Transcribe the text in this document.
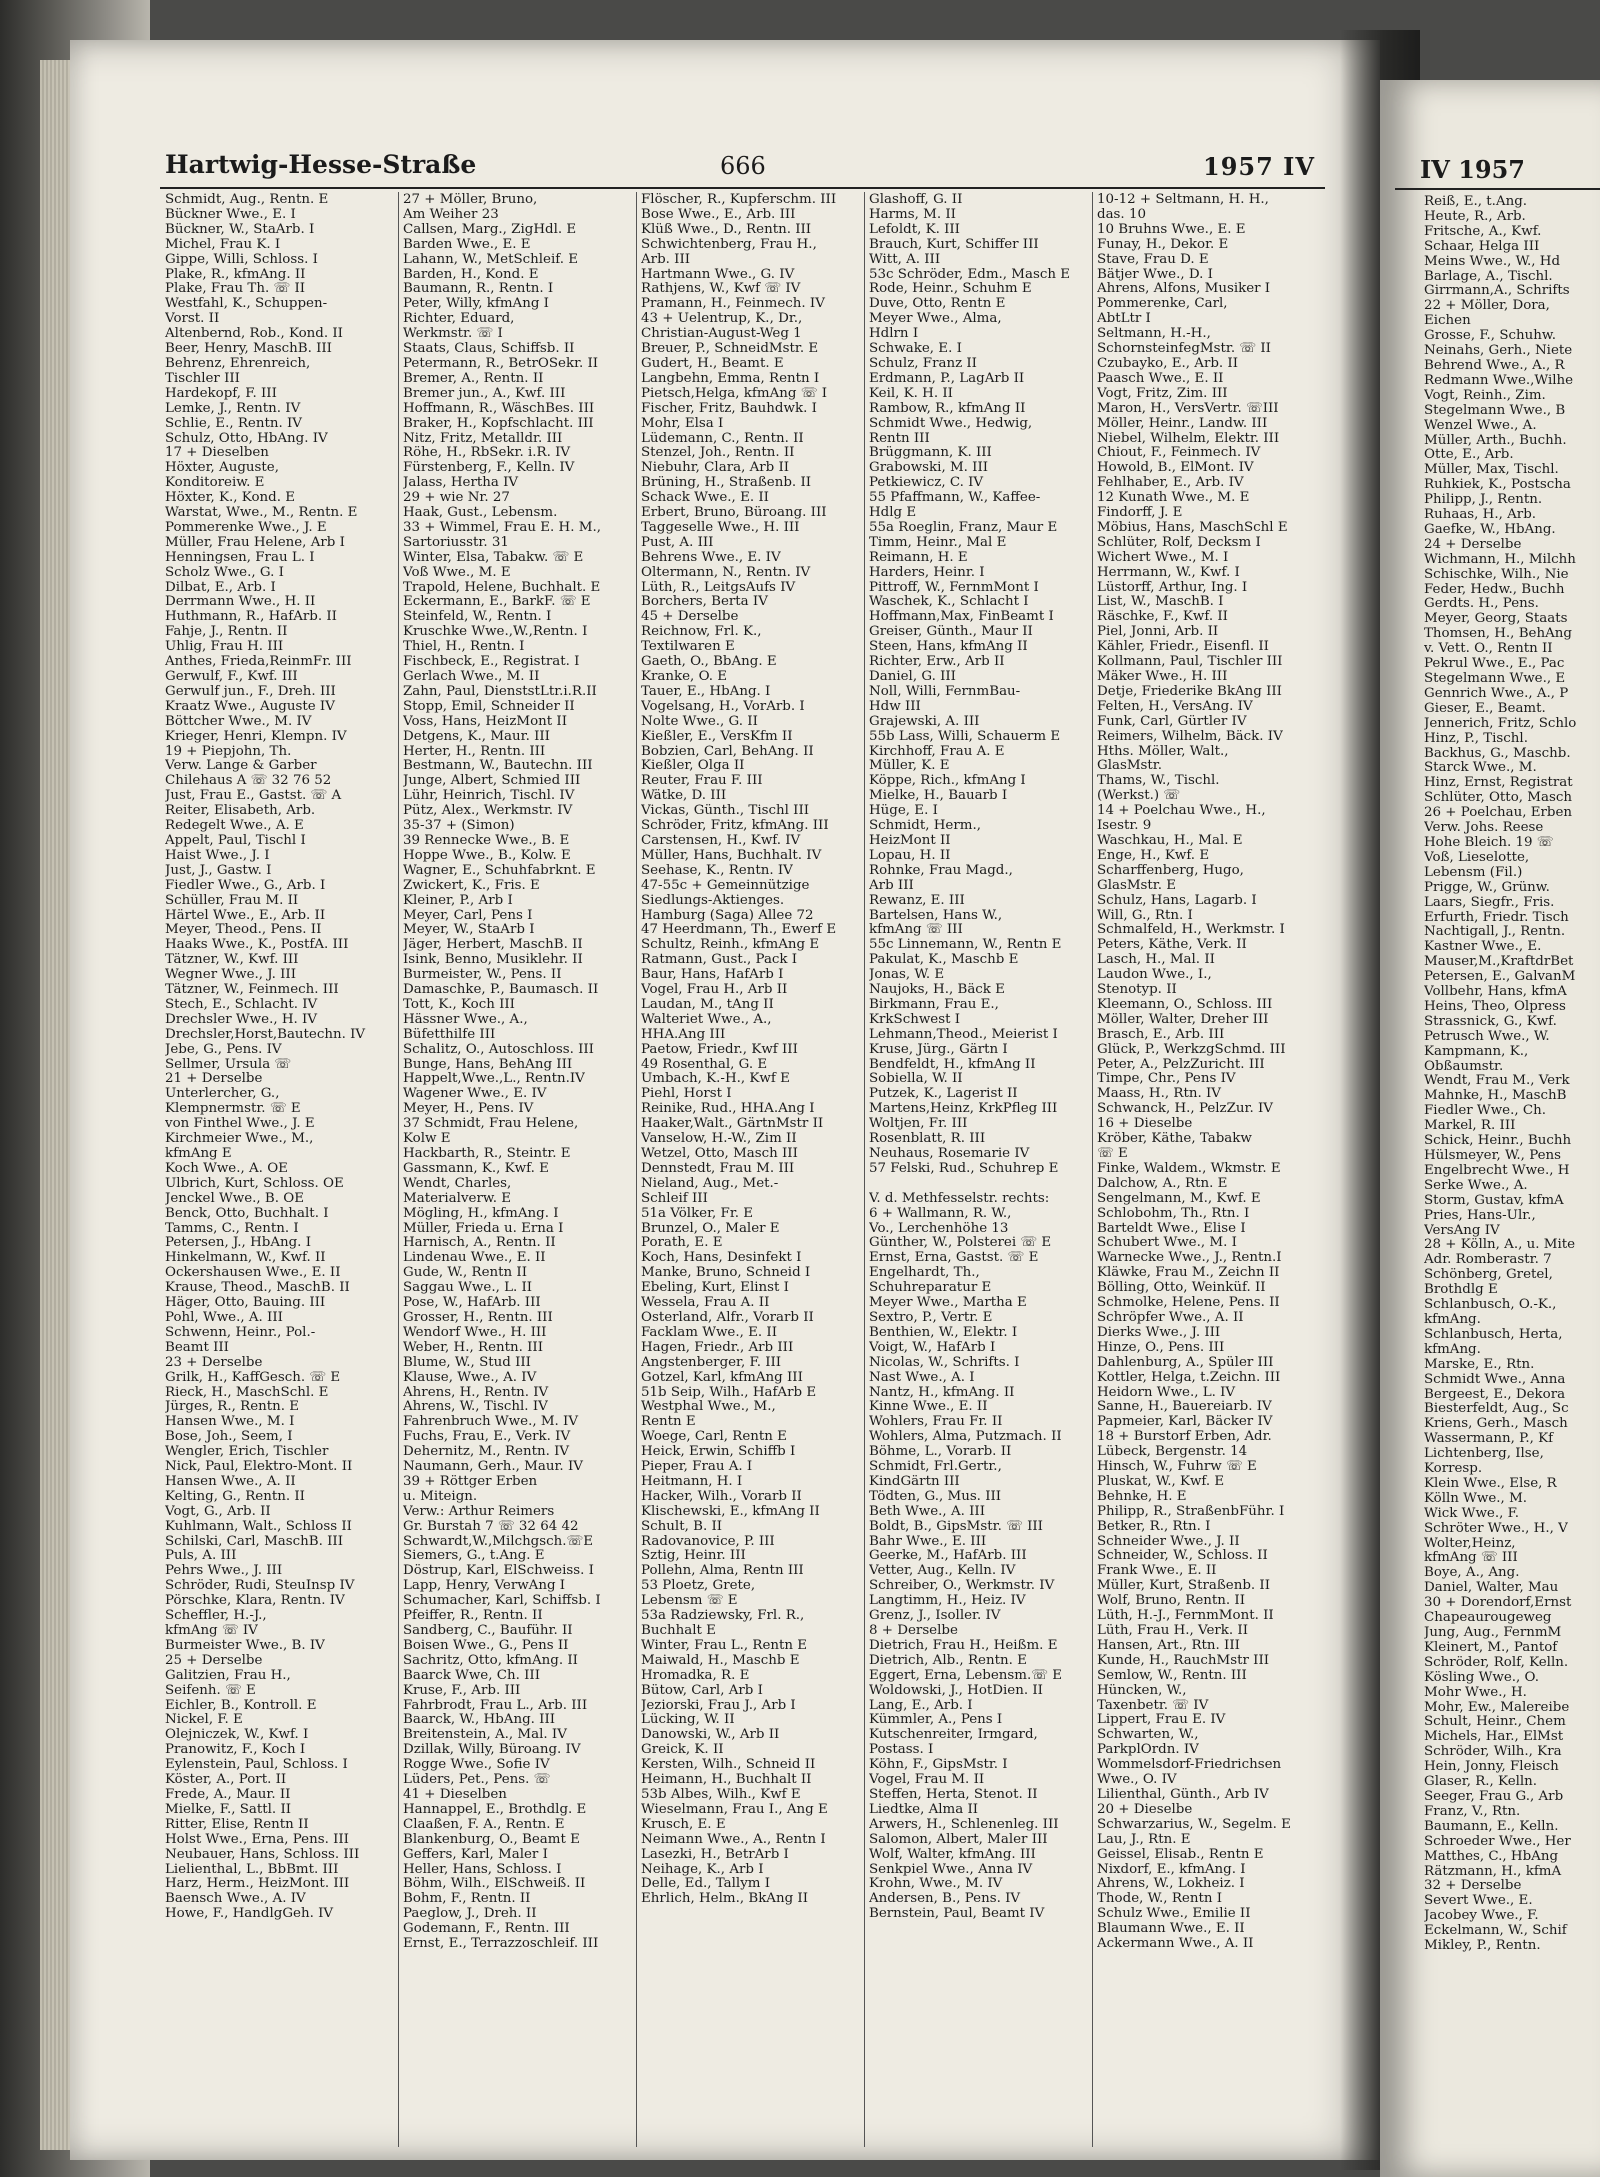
Hartwig-Hesse-Straße	666	1957 IV
Schmidt, Aug., Rentn. E
Bückner Wwe., E. I
Bückner, W., StaArb. I
Michel, Frau K. I
Gippe, Willi, Schloss. I
Plake, R., kfmAng. II
Plake, Frau Th. ☏ II
Westfahl, K., Schuppen-
Vorst. II
Altenbernd, Rob., Kond. II
Beer, Henry, MaschB. III
Behrenz, Ehrenreich,
Tischler III
Hardekopf, F. III
Lemke, J., Rentn. IV
Schlie, E., Rentn. IV
Schulz, Otto, HbAng. IV
17 + Dieselben
Höxter, Auguste,
Konditoreiw. E
Höxter, K., Kond. E
Warstat, Wwe., M., Rentn. E
Pommerenke Wwe., J. E
Müller, Frau Helene, Arb I
Henningsen, Frau L. I
Scholz Wwe., G. I
Dilbat, E., Arb. I
Derrmann Wwe., H. II
Huthmann, R., HafArb. II
Fahje, J., Rentn. II
Uhlig, Frau H. III
Anthes, Frieda,ReinmFr. III
Gerwulf, F., Kwf. III
Gerwulf jun., F., Dreh. III
Kraatz Wwe., Auguste IV
Böttcher Wwe., M. IV
Krieger, Henri, Klempn. IV
19 + Piepjohn, Th.
Verw. Lange & Garber
Chilehaus A ☏ 32 76 52
Just, Frau E., Gastst. ☏ A
Reiter, Elisabeth, Arb.
Redegelt Wwe., A. E
Appelt, Paul, Tischl I
Haist Wwe., J. I
Just, J., Gastw. I
Fiedler Wwe., G., Arb. I
Schüller, Frau M. II
Härtel Wwe., E., Arb. II
Meyer, Theod., Pens. II
Haaks Wwe., K., PostfA. III
Tätzner, W., Kwf. III
Wegner Wwe., J. III
Tätzner, W., Feinmech. III
Stech, E., Schlacht. IV
Drechsler Wwe., H. IV
Drechsler,Horst,Bautechn. IV
Jebe, G., Pens. IV
Sellmer, Ursula ☏
21 + Derselbe
Unterlercher, G.,
Klempnermstr. ☏ E
von Finthel Wwe., J. E
Kirchmeier Wwe., M.,
kfmAng E
Koch Wwe., A. OE
Ulbrich, Kurt, Schloss. OE
Jenckel Wwe., B. OE
Benck, Otto, Buchhalt. I
Tamms, C., Rentn. I
Petersen, J., HbAng. I
Hinkelmann, W., Kwf. II
Ockershausen Wwe., E. II
Krause, Theod., MaschB. II
Häger, Otto, Bauing. III
Pohl, Wwe., A. III
Schwenn, Heinr., Pol.-
Beamt III
23 + Derselbe
Grilk, H., KaffGesch. ☏ E
Rieck, H., MaschSchl. E
Jürges, R., Rentn. E
Hansen Wwe., M. I
Bose, Joh., Seem, I
Wengler, Erich, Tischler
Nick, Paul, Elektro-Mont. II
Hansen Wwe., A. II
Kelting, G., Rentn. II
Vogt, G., Arb. II
Kuhlmann, Walt., Schloss II
Schilski, Carl, MaschB. III
Puls, A. III
Pehrs Wwe., J. III
Schröder, Rudi, SteuInsp IV
Pörschke, Klara, Rentn. IV
Scheffler, H.-J.,
kfmAng ☏ IV
Burmeister Wwe., B. IV
25 + Derselbe
Galitzien, Frau H.,
Seifenh. ☏ E
Eichler, B., Kontroll. E
Nickel, F. E
Olejniczek, W., Kwf. I
Pranowitz, F., Koch I
Eylenstein, Paul, Schloss. I
Köster, A., Port. II
Frede, A., Maur. II
Mielke, F., Sattl. II
Ritter, Elise, Rentn II
Holst Wwe., Erna, Pens. III
Neubauer, Hans, Schloss. III
Lielienthal, L., BbBmt. III
Harz, Herm., HeizMont. III
Baensch Wwe., A. IV
Howe, F., HandlgGeh. IV
27 + Möller, Bruno,
Am Weiher 23
Callsen, Marg., ZigHdl. E
Barden Wwe., E. E
Lahann, W., MetSchleif. E
Barden, H., Kond. E
Baumann, R., Rentn. I
Peter, Willy, kfmAng I
Richter, Eduard,
Werkmstr. ☏ I
Staats, Claus, Schiffsb. II
Petermann, R., BetrOSekr. II
Bremer, A., Rentn. II
Bremer jun., A., Kwf. III
Hoffmann, R., WäschBes. III
Braker, H., Kopfschlacht. III
Nitz, Fritz, Metalldr. III
Röhe, H., RbSekr. i.R. IV
Fürstenberg, F., Kelln. IV
Jalass, Hertha IV
29 + wie Nr. 27
Haak, Gust., Lebensm.
33 + Wimmel, Frau E. H. M.,
Sartoriusstr. 31
Winter, Elsa, Tabakw. ☏ E
Voß Wwe., M. E
Trapold, Helene, Buchhalt. E
Eckermann, E., BarkF. ☏ E
Steinfeld, W., Rentn. I
Kruschke Wwe.,W.,Rentn. I
Thiel, H., Rentn. I
Fischbeck, E., Registrat. I
Gerlach Wwe., M. II
Zahn, Paul, DienststLtr.i.R.II
Stopp, Emil, Schneider II
Voss, Hans, HeizMont II
Detgens, K., Maur. III
Herter, H., Rentn. III
Bestmann, W., Bautechn. III
Junge, Albert, Schmied III
Lühr, Heinrich, Tischl. IV
Pütz, Alex., Werkmstr. IV
35-37 + (Simon)
39 Rennecke Wwe., B. E
Hoppe Wwe., B., Kolw. E
Wagner, E., Schuhfabrknt. E
Zwickert, K., Fris. E
Kleiner, P., Arb I
Meyer, Carl, Pens I
Meyer, W., StaArb I
Jäger, Herbert, MaschB. II
Isink, Benno, Musiklehr. II
Burmeister, W., Pens. II
Damaschke, P., Baumasch. II
Tott, K., Koch III
Hässner Wwe., A.,
Büfetthilfe III
Schalitz, O., Autoschloss. III
Bunge, Hans, BehAng III
Happelt,Wwe.,L., Rentn.IV
Wagener Wwe., E. IV
Meyer, H., Pens. IV
37 Schmidt, Frau Helene,
Kolw E
Hackbarth, R., Steintr. E
Gassmann, K., Kwf. E
Wendt, Charles,
Materialverw. E
Mögling, H., kfmAng. I
Müller, Frieda u. Erna I
Harnisch, A., Rentn. II
Lindenau Wwe., E. II
Gude, W., Rentn II
Saggau Wwe., L. II
Pose, W., HafArb. III
Grosser, H., Rentn. III
Wendorf Wwe., H. III
Weber, H., Rentn. III
Blume, W., Stud III
Klause, Wwe., A. IV
Ahrens, H., Rentn. IV
Ahrens, W., Tischl. IV
Fahrenbruch Wwe., M. IV
Fuchs, Frau, E., Verk. IV
Dehernitz, M., Rentn. IV
Naumann, Gerh., Maur. IV
39 + Röttger Erben
u. Miteign.
Verw.: Arthur Reimers
Gr. Burstah 7 ☏ 32 64 42
Schwardt,W.,Milchgsch.☏E
Siemers, G., t.Ang. E
Döstrup, Karl, ElSchweiss. I
Lapp, Henry, VerwAng I
Schumacher, Karl, Schiffsb. I
Pfeiffer, R., Rentn. II
Sandberg, C., Bauführ. II
Boisen Wwe., G., Pens II
Sachritz, Otto, kfmAng. II
Baarck Wwe, Ch. III
Kruse, F., Arb. III
Fahrbrodt, Frau L., Arb. III
Baarck, W., HbAng. III
Breitenstein, A., Mal. IV
Dzillak, Willy, Büroang. IV
Rogge Wwe., Sofie IV
Lüders, Pet., Pens. ☏
41 + Dieselben
Hannappel, E., Brothdlg. E
Claaßen, F. A., Rentn. E
Blankenburg, O., Beamt E
Geffers, Karl, Maler I
Heller, Hans, Schloss. I
Böhm, Wilh., ElSchweiß. II
Bohm, F., Rentn. II
Paeglow, J., Dreh. II
Godemann, F., Rentn. III
Ernst, E., Terrazzoschleif. III
Flöscher, R., Kupferschm. III
Bose Wwe., E., Arb. III
Klüß Wwe., D., Rentn. III
Schwichtenberg, Frau H.,
Arb. III
Hartmann Wwe., G. IV
Rathjens, W., Kwf ☏ IV
Pramann, H., Feinmech. IV
43 + Uelentrup, K., Dr.,
Christian-August-Weg 1
Breuer, P., SchneidMstr. E
Gudert, H., Beamt. E
Langbehn, Emma, Rentn I
Pietsch,Helga, kfmAng ☏ I
Fischer, Fritz, Bauhdwk. I
Mohr, Elsa I
Lüdemann, C., Rentn. II
Stenzel, Joh., Rentn. II
Niebuhr, Clara, Arb II
Brüning, H., Straßenb. II
Schack Wwe., E. II
Erbert, Bruno, Büroang. III
Taggeselle Wwe., H. III
Pust, A. III
Behrens Wwe., E. IV
Oltermann, N., Rentn. IV
Lüth, R., LeitgsAufs IV
Borchers, Berta IV
45 + Derselbe
Reichnow, Frl. K.,
Textilwaren E
Gaeth, O., BbAng. E
Kranke, O. E
Tauer, E., HbAng. I
Vogelsang, H., VorArb. I
Nolte Wwe., G. II
Kießler, E., VersKfm II
Bobzien, Carl, BehAng. II
Kießler, Olga II
Reuter, Frau F. III
Wätke, D. III
Vickas, Günth., Tischl III
Schröder, Fritz, kfmAng. III
Carstensen, H., Kwf. IV
Müller, Hans, Buchhalt. IV
Seehase, K., Rentn. IV
47-55c + Gemeinnützige
Siedlungs-Aktienges.
Hamburg (Saga) Allee 72
47 Heerdmann, Th., Ewerf E
Schultz, Reinh., kfmAng E
Ratmann, Gust., Pack I
Baur, Hans, HafArb I
Vogel, Frau H., Arb II
Laudan, M., tAng II
Walteriet Wwe., A.,
HHA.Ang III
Paetow, Friedr., Kwf III
49 Rosenthal, G. E
Umbach, K.-H., Kwf E
Piehl, Horst I
Reinike, Rud., HHA.Ang I
Haaker,Walt., GärtnMstr II
Vanselow, H.-W., Zim II
Wetzel, Otto, Masch III
Dennstedt, Frau M. III
Nieland, Aug., Met.-
Schleif III
51a Völker, Fr. E
Brunzel, O., Maler E
Porath, E. E
Koch, Hans, Desinfekt I
Manke, Bruno, Schneid I
Ebeling, Kurt, Elinst I
Wessela, Frau A. II
Osterland, Alfr., Vorarb II
Facklam Wwe., E. II
Hagen, Friedr., Arb III
Angstenberger, F. III
Gotzel, Karl, kfmAng III
51b Seip, Wilh., HafArb E
Westphal Wwe., M.,
Rentn E
Woege, Carl, Rentn E
Heick, Erwin, Schiffb I
Pieper, Frau A. I
Heitmann, H. I
Hacker, Wilh., Vorarb II
Klischewski, E., kfmAng II
Schult, B. II
Radovanovice, P. III
Sztig, Heinr. III
Pollehn, Alma, Rentn III
53 Ploetz, Grete,
Lebensm ☏ E
53a Radziewsky, Frl. R.,
Buchhalt E
Winter, Frau L., Rentn E
Maiwald, H., Maschb E
Hromadka, R. E
Bütow, Carl, Arb I
Jeziorski, Frau J., Arb I
Lücking, W. II
Danowski, W., Arb II
Greick, K. II
Kersten, Wilh., Schneid II
Heimann, H., Buchhalt II
53b Albes, Wilh., Kwf E
Wieselmann, Frau I., Ang E
Krusch, E. E
Neimann Wwe., A., Rentn I
Lasezki, H., BetrArb I
Neihage, K., Arb I
Delle, Ed., Tallym I
Ehrlich, Helm., BkAng II
Glashoff, G. II
Harms, M. II
Lefoldt, K. III
Brauch, Kurt, Schiffer III
Witt, A. III
53c Schröder, Edm., Masch E
Rode, Heinr., Schuhm E
Duve, Otto, Rentn E
Meyer Wwe., Alma,
Hdlrn I
Schwake, E. I
Schulz, Franz II
Erdmann, P., LagArb II
Keil, K. H. II
Rambow, R., kfmAng II
Schmidt Wwe., Hedwig,
Rentn III
Brüggmann, K. III
Grabowski, M. III
Petkiewicz, C. IV
55 Pfaffmann, W., Kaffee-
Hdlg E
55a Roeglin, Franz, Maur E
Timm, Heinr., Mal E
Reimann, H. E
Harders, Heinr. I
Pittroff, W., FernmMont I
Waschek, K., Schlacht I
Hoffmann,Max, FinBeamt I
Greiser, Günth., Maur II
Steen, Hans, kfmAng II
Richter, Erw., Arb II
Daniel, G. III
Noll, Willi, FernmBau-
Hdw III
Grajewski, A. III
55b Lass, Willi, Schauerm E
Kirchhoff, Frau A. E
Müller, K. E
Köppe, Rich., kfmAng I
Mielke, H., Bauarb I
Hüge, E. I
Schmidt, Herm.,
HeizMont II
Lopau, H. II
Rohnke, Frau Magd.,
Arb III
Rewanz, E. III
Bartelsen, Hans W.,
kfmAng ☏ III
55c Linnemann, W., Rentn E
Pakulat, K., Maschb E
Jonas, W. E
Naujoks, H., Bäck E
Birkmann, Frau E.,
KrkSchwest I
Lehmann,Theod., Meierist I
Kruse, Jürg., Gärtn I
Bendfeldt, H., kfmAng II
Sobiella, W. II
Putzek, K., Lagerist II
Martens,Heinz, KrkPfleg III
Woltjen, Fr. III
Rosenblatt, R. III
Neuhaus, Rosemarie IV
57 Felski, Rud., Schuhrep E

V. d. Methfesselstr. rechts:
6 + Wallmann, R. W.,
Vo., Lerchenhöhe 13
Günther, W., Polsterei ☏ E
Ernst, Erna, Gastst. ☏ E
Engelhardt, Th.,
Schuhreparatur E
Meyer Wwe., Martha E
Sextro, P., Vertr. E
Benthien, W., Elektr. I
Voigt, W., HafArb I
Nicolas, W., Schrifts. I
Nast Wwe., A. I
Nantz, H., kfmAng. II
Kinne Wwe., E. II
Wohlers, Frau Fr. II
Wohlers, Alma, Putzmach. II
Böhme, L., Vorarb. II
Schmidt, Frl.Gertr.,
KindGärtn III
Tödten, G., Mus. III
Beth Wwe., A. III
Boldt, B., GipsMstr. ☏ III
Bahr Wwe., E. III
Geerke, M., HafArb. III
Vetter, Aug., Kelln. IV
Schreiber, O., Werkmstr. IV
Langtimm, H., Heiz. IV
Grenz, J., Isoller. IV
8 + Derselbe
Dietrich, Frau H., Heißm. E
Dietrich, Alb., Rentn. E
Eggert, Erna, Lebensm.☏ E
Woldowski, J., HotDien. II
Lang, E., Arb. I
Kümmler, A., Pens I
Kutschenreiter, Irmgard,
Postass. I
Köhn, F., GipsMstr. I
Vogel, Frau M. II
Steffen, Herta, Stenot. II
Liedtke, Alma II
Arwers, H., Schlenenleg. III
Salomon, Albert, Maler III
Wolf, Walter, kfmAng. III
Senkpiel Wwe., Anna IV
Krohn, Wwe., M. IV
Andersen, B., Pens. IV
Bernstein, Paul, Beamt IV
10-12 + Seltmann, H. H.,
das. 10
10 Bruhns Wwe., E. E
Funay, H., Dekor. E
Stave, Frau D. E
Bätjer Wwe., D. I
Ahrens, Alfons, Musiker I
Pommerenke, Carl,
AbtLtr I
Seltmann, H.-H.,
SchornsteinfegMstr. ☏ II
Czubayko, E., Arb. II
Paasch Wwe., E. II
Vogt, Fritz, Zim. III
Maron, H., VersVertr. ☏III
Möller, Heinr., Landw. III
Niebel, Wilhelm, Elektr. III
Chiout, F., Feinmech. IV
Howold, B., ElMont. IV
Fehlhaber, E., Arb. IV
12 Kunath Wwe., M. E
Findorff, J. E
Möbius, Hans, MaschSchl E
Schlüter, Rolf, Decksm I
Wichert Wwe., M. I
Herrmann, W., Kwf. I
Lüstorff, Arthur, Ing. I
List, W., MaschB. I
Räschke, F., Kwf. II
Piel, Jonni, Arb. II
Kähler, Friedr., Eisenfl. II
Kollmann, Paul, Tischler III
Mäker Wwe., H. III
Detje, Friederike BkAng III
Felten, H., VersAng. IV
Funk, Carl, Gürtler IV
Reimers, Wilhelm, Bäck. IV
Hths. Möller, Walt.,
GlasMstr.
Thams, W., Tischl.
(Werkst.) ☏
14 + Poelchau Wwe., H.,
Isestr. 9
Waschkau, H., Mal. E
Enge, H., Kwf. E
Scharffenberg, Hugo,
GlasMstr. E
Schulz, Hans, Lagarb. I
Will, G., Rtn. I
Schmalfeld, H., Werkmstr. I
Peters, Käthe, Verk. II
Lasch, H., Mal. II
Laudon Wwe., I.,
Stenotyp. II
Kleemann, O., Schloss. III
Möller, Walter, Dreher III
Brasch, E., Arb. III
Glück, P., WerkzgSchmd. III
Peter, A., PelzZuricht. III
Timpe, Chr., Pens IV
Maass, H., Rtn. IV
Schwanck, H., PelzZur. IV
16 + Dieselbe
Kröber, Käthe, Tabakw
☏ E
Finke, Waldem., Wkmstr. E
Dalchow, A., Rtn. E
Sengelmann, M., Kwf. E
Schlobohm, Th., Rtn. I
Barteldt Wwe., Elise I
Schubert Wwe., M. I
Warnecke Wwe., J., Rentn.I
Kläwke, Frau M., Zeichn II
Bölling, Otto, Weinküf. II
Schmolke, Helene, Pens. II
Schröpfer Wwe., A. II
Dierks Wwe., J. III
Hinze, O., Pens. III
Dahlenburg, A., Spüler III
Kottler, Helga, t.Zeichn. III
Heidorn Wwe., L. IV
Sanne, H., Bauereiarb. IV
Papmeier, Karl, Bäcker IV
18 + Burstorf Erben, Adr.
Lübeck, Bergenstr. 14
Hinsch, W., Fuhrw ☏ E
Pluskat, W., Kwf. E
Behnke, H. E
Philipp, R., StraßenbFühr. I
Betker, R., Rtn. I
Schneider Wwe., J. II
Schneider, W., Schloss. II
Frank Wwe., E. II
Müller, Kurt, Straßenb. II
Wolf, Bruno, Rentn. II
Lüth, H.-J., FernmMont. II
Lüth, Frau H., Verk. II
Hansen, Art., Rtn. III
Kunde, H., RauchMstr III
Semlow, W., Rentn. III
Hüncken, W.,
Taxenbetr. ☏ IV
Lippert, Frau E. IV
Schwarten, W.,
ParkplOrdn. IV
Wommelsdorf-Friedrichsen
Wwe., O. IV
Lilienthal, Günth., Arb IV
20 + Dieselbe
Schwarzarius, W., Segelm. E
Lau, J., Rtn. E
Geissel, Elisab., Rentn E
Nixdorf, E., kfmAng. I
Ahrens, W., Lokheiz. I
Thode, W., Rentn I
Schulz Wwe., Emilie II
Blaumann Wwe., E. II
Ackermann Wwe., A. II
IV 1957
Reiß, E., t.Ang.
Heute, R., Arb.
Fritsche, A., Kwf.
Schaar, Helga III
Meins Wwe., W., Hd
Barlage, A., Tischl.
Girrmann,A., Schrifts
22 + Möller, Dora,
Eichen
Grosse, F., Schuhw.
Neinahs, Gerh., Niete
Behrend Wwe., A., R
Redmann Wwe.,Wilhe
Vogt, Reinh., Zim.
Stegelmann Wwe., B
Wenzel Wwe., A.
Müller, Arth., Buchh.
Otte, E., Arb.
Müller, Max, Tischl.
Ruhkiek, K., Postscha
Philipp, J., Rentn.
Ruhaas, H., Arb.
Gaefke, W., HbAng.
24 + Derselbe
Wichmann, H., Milchh
Schischke, Wilh., Nie
Feder, Hedw., Buchh
Gerdts. H., Pens.
Meyer, Georg, Staats
Thomsen, H., BehAng
v. Vett. O., Rentn II
Pekrul Wwe., E., Pac
Stegelmann Wwe., E
Gennrich Wwe., A., P
Gieser, E., Beamt.
Jennerich, Fritz, Schlo
Hinz, P., Tischl.
Backhus, G., Maschb.
Starck Wwe., M.
Hinz, Ernst, Registrat
Schlüter, Otto, Masch
26 + Poelchau, Erben
Verw. Johs. Reese
Hohe Bleich. 19 ☏
Voß, Lieselotte,
Lebensm (Fil.)
Prigge, W., Grünw.
Laars, Siegfr., Fris.
Erfurth, Friedr. Tisch
Nachtigall, J., Rentn.
Kastner Wwe., E.
Mauser,M.,KraftdrBet
Petersen, E., GalvanM
Vollbehr, Hans, kfmA
Heins, Theo, Olpress
Strassnick, G., Kwf.
Petrusch Wwe., W.
Kampmann, K.,
Obßaumstr.
Wendt, Frau M., Verk
Mahnke, H., MaschB
Fiedler Wwe., Ch.
Markel, R. III
Schick, Heinr., Buchh
Hülsmeyer, W., Pens
Engelbrecht Wwe., H
Serke Wwe., A.
Storm, Gustav, kfmA
Pries, Hans-Ulr.,
VersAng IV
28 + Kölln, A., u. Mite
Adr. Romberastr. 7
Schönberg, Gretel,
Brothdlg E
Schlanbusch, O.-K.,
kfmAng.
Schlanbusch, Herta,
kfmAng.
Marske, E., Rtn.
Schmidt Wwe., Anna
Bergeest, E., Dekora
Biesterfeldt, Aug., Sc
Kriens, Gerh., Masch
Wassermann, P., Kf
Lichtenberg, Ilse,
Korresp.
Klein Wwe., Else, R
Kölln Wwe., M.
Wick Wwe., F.
Schröter Wwe., H., V
Wolter,Heinz,
kfmAng ☏ III
Boye, A., Ang.
Daniel, Walter, Mau
30 + Dorendorf,Ernst
Chapeaurougeweg
Jung, Aug., FernmM
Kleinert, M., Pantof
Schröder, Rolf, Kelln.
Kösling Wwe., O.
Mohr Wwe., H.
Mohr, Ew., Malereibe
Schult, Heinr., Chem
Michels, Har., ElMst
Schröder, Wilh., Kra
Hein, Jonny, Fleisch
Glaser, R., Kelln.
Seeger, Frau G., Arb
Franz, V., Rtn.
Baumann, E., Kelln.
Schroeder Wwe., Her
Matthes, C., HbAng
Rätzmann, H., kfmA
32 + Derselbe
Severt Wwe., E.
Jacobey Wwe., F.
Eckelmann, W., Schif
Mikley, P., Rentn.
